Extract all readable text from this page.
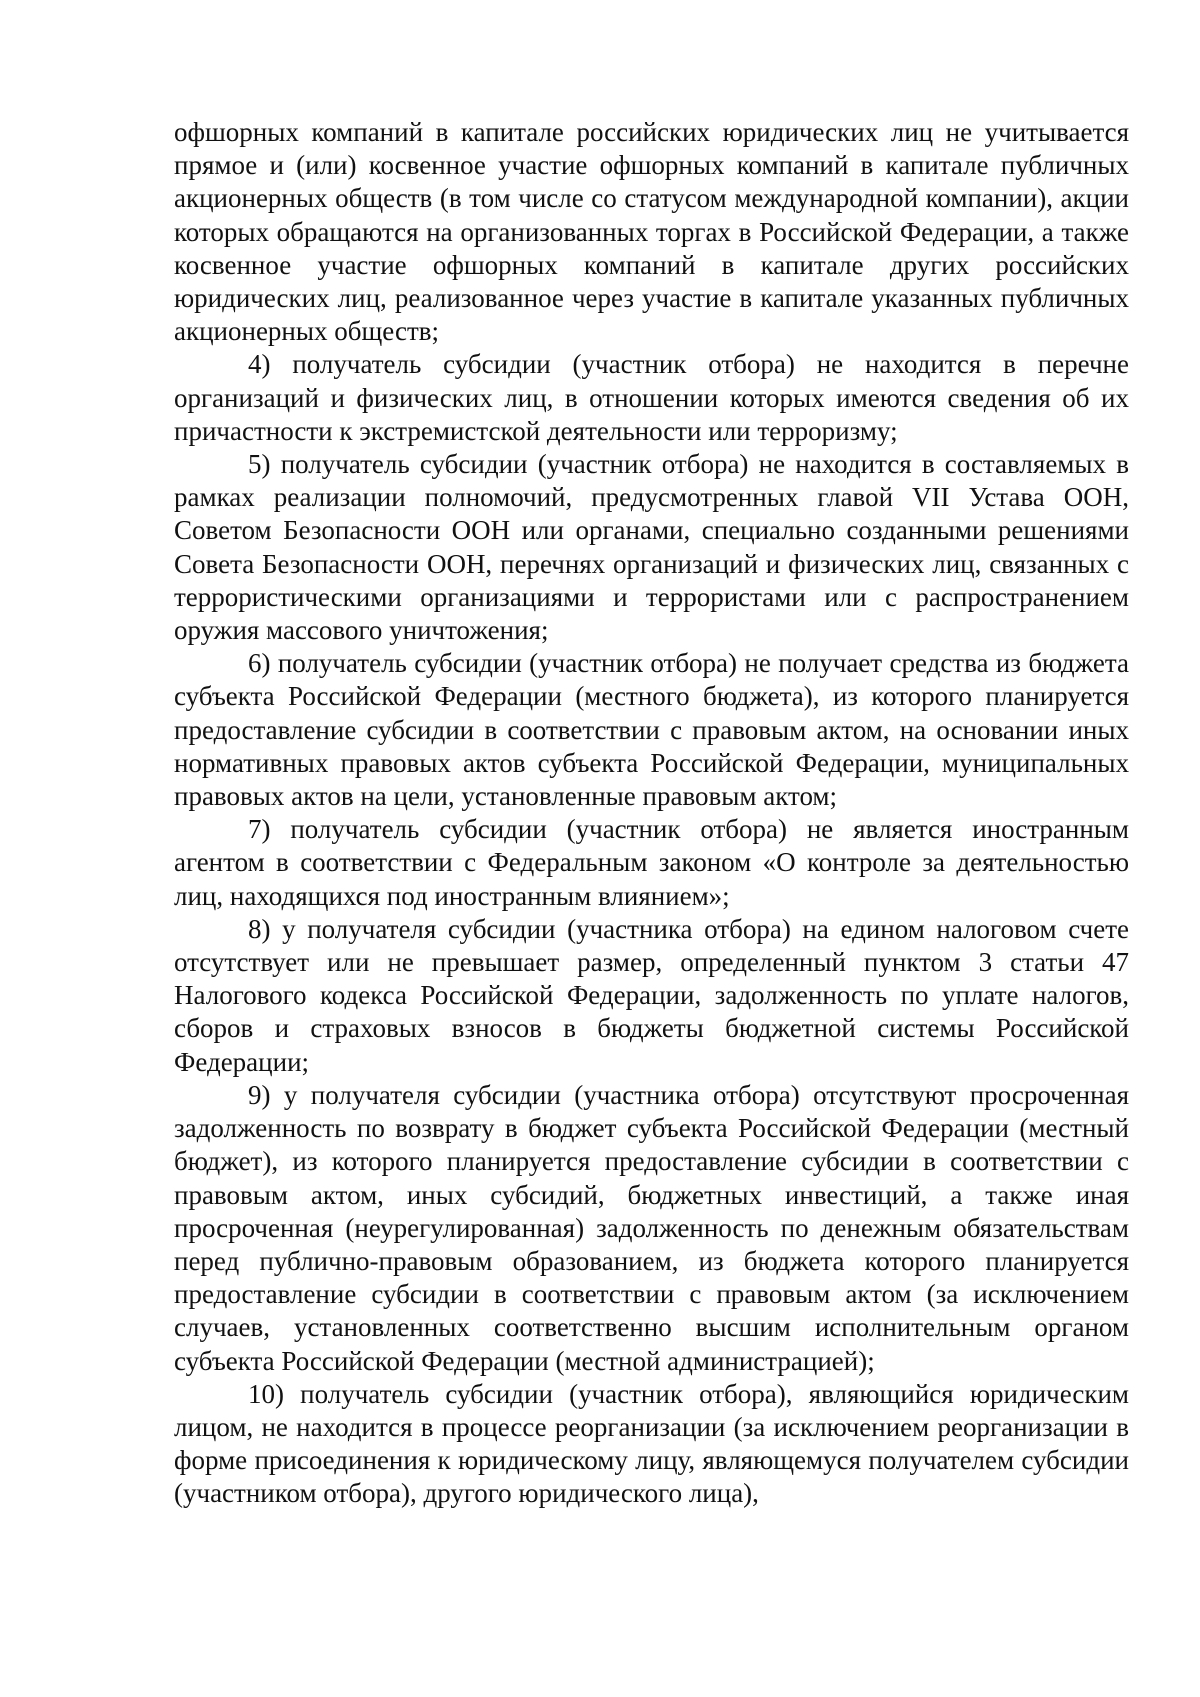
офшорных компаний в капитале российских юридических лиц не учитывается прямое и (или) косвенное участие офшорных компаний в капитале публичных акционерных обществ (в том числе со статусом международной компании), акции которых обращаются на организованных торгах в Российской Федерации, а также косвенное участие офшорных компаний в капитале других российских юридических лиц, реализованное через участие в капитале указанных публичных акционерных обществ;

4) получатель субсидии (участник отбора) не находится в перечне организаций и физических лиц, в отношении которых имеются сведения об их причастности к экстремистской деятельности или терроризму;

5) получатель субсидии (участник отбора) не находится в составляемых в рамках реализации полномочий, предусмотренных главой VII Устава ООН, Советом Безопасности ООН или органами, специально созданными решениями Совета Безопасности ООН, перечнях организаций и физических лиц, связанных с террористическими организациями и террористами или с распространением оружия массового уничтожения;

6) получатель субсидии (участник отбора) не получает средства из бюджета субъекта Российской Федерации (местного бюджета), из которого планируется предоставление субсидии в соответствии с правовым актом, на основании иных нормативных правовых актов субъекта Российской Федерации, муниципальных правовых актов на цели, установленные правовым актом;

7) получатель субсидии (участник отбора) не является иностранным агентом в соответствии с Федеральным законом «О контроле за деятельностью лиц, находящихся под иностранным влиянием»;

8) у получателя субсидии (участника отбора) на едином налоговом счете отсутствует или не превышает размер, определенный пунктом 3 статьи 47 Налогового кодекса Российской Федерации, задолженность по уплате налогов, сборов и страховых взносов в бюджеты бюджетной системы Российской Федерации;

9) у получателя субсидии (участника отбора) отсутствуют просроченная задолженность по возврату в бюджет субъекта Российской Федерации (местный бюджет), из которого планируется предоставление субсидии в соответствии с правовым актом, иных субсидий, бюджетных инвестиций, а также иная просроченная (неурегулированная) задолженность по денежным обязательствам перед публично-правовым образованием, из бюджета которого планируется предоставление субсидии в соответствии с правовым актом (за исключением случаев, установленных соответственно высшим исполнительным органом субъекта Российской Федерации (местной администрацией);

10) получатель субсидии (участник отбора), являющийся юридическим лицом, не находится в процессе реорганизации (за исключением реорганизации в форме присоединения к юридическому лицу, являющемуся получателем субсидии (участником отбора), другого юридического лица),
